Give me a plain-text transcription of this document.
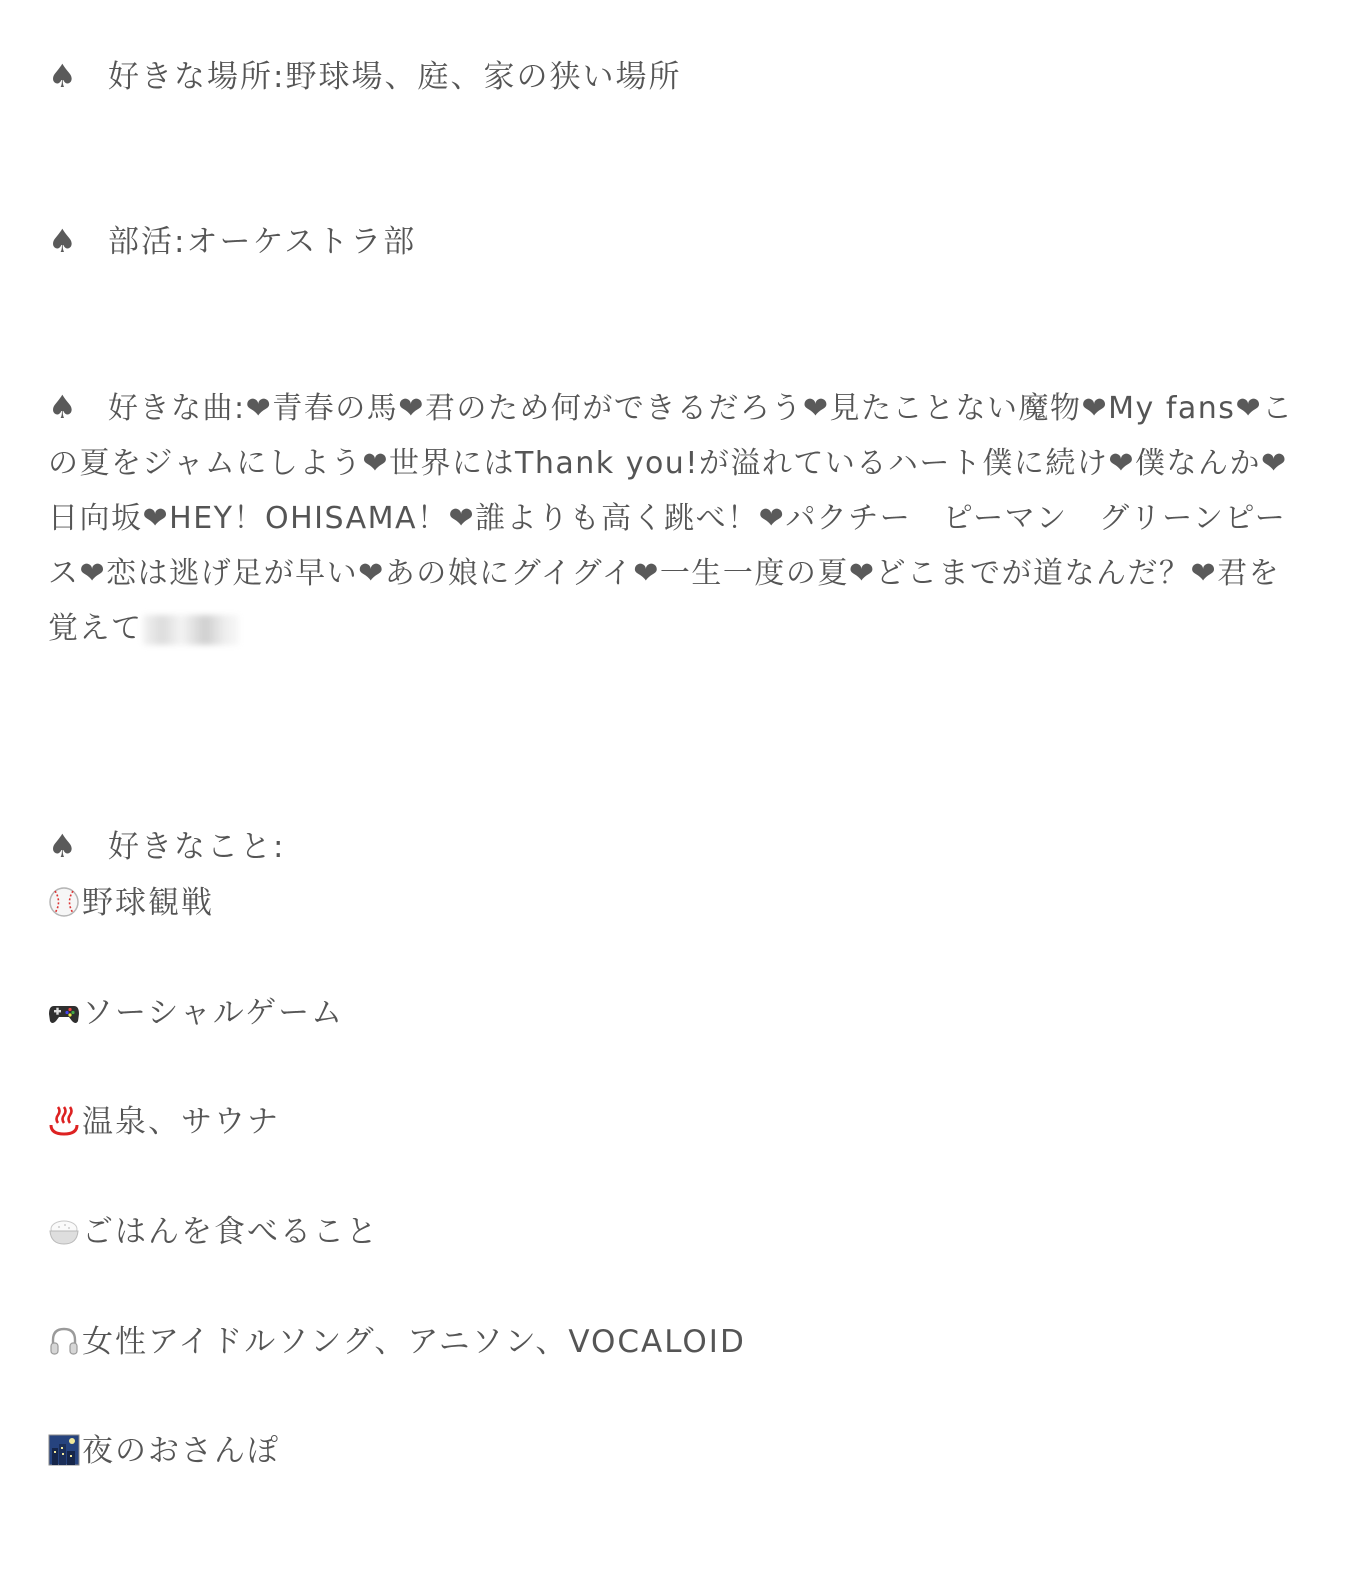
♠ 好きな場所:野球場、庭、家の狭い場所
♠ 部活:オーケストラ部
♠ 好きな曲:❤青春の馬❤君のため何ができるだろう❤見たことない魔物❤My fans❤この夏をジャムにしよう❤世界にはThank you!が溢れているハート僕に続け❤僕なんか❤日向坂❤HEY！OHISAMA！❤誰よりも高く跳べ！❤パクチー　ピーマン　グリーンピース❤恋は逃げ足が早い❤あの娘にグイグイ❤一生一度の夏❤どこまでが道なんだ？❤君を覚えて
♠ 好きなこと:
野球観戦
ソーシャルゲーム
温泉、サウナ
ごはんを食べること
女性アイドルソング、アニソン、VOCALOID
夜のおさんぽ
